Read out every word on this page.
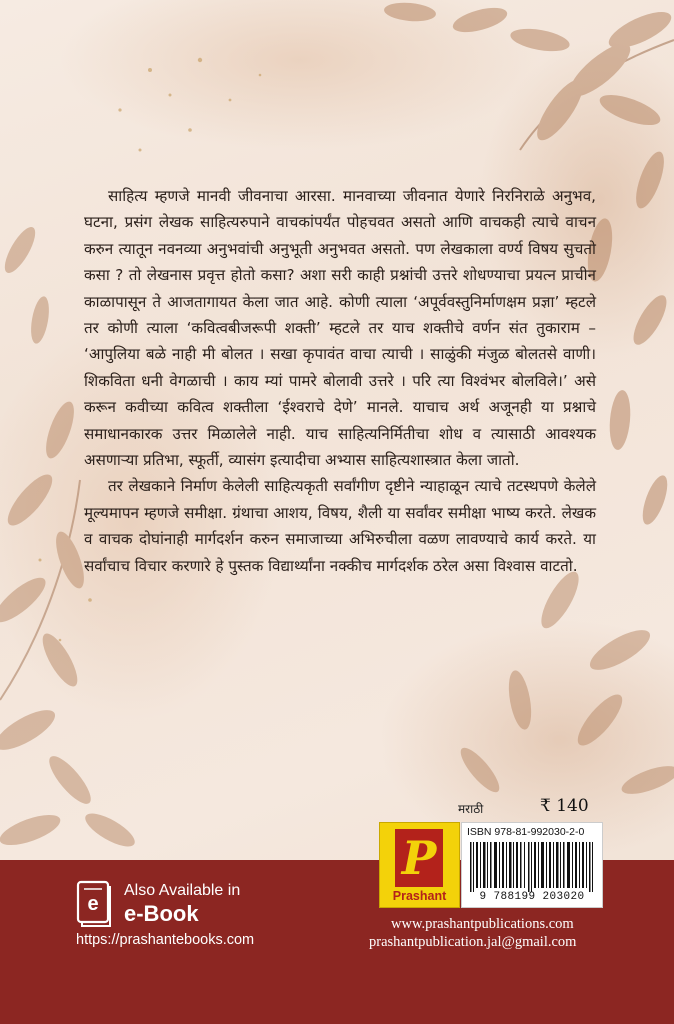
साहित्य म्हणजे मानवी जीवनाचा आरसा. मानवाच्या जीवनात येणारे निरनिराळे अनुभव, घटना, प्रसंग लेखक साहित्यरुपाने वाचकांपर्यंत पोहचवत असतो आणि वाचकही त्याचे वाचन करुन त्यातून नवनव्या अनुभवांची अनुभूती अनुभवत असतो. पण लेखकाला वर्ण्य विषय सुचतो कसा ? तो लेखनास प्रवृत्त होतो कसा? अशा सरी काही प्रश्नांची उत्तरे शोधण्याचा प्रयत्न प्राचीन काळापासून ते आजतागायत केला जात आहे. कोणी त्याला ‘अपूर्ववस्तुनिर्माणक्षम प्रज्ञा’ म्हटले तर कोणी त्याला ‘कवित्वबीजरूपी शक्ती’ म्हटले तर याच शक्तीचे वर्णन संत तुकाराम – ‘आपुलिया बळे नाही मी बोलत । सखा कृपावंत वाचा त्याची । साळुंकी मंजुळ बोलतसे वाणी। शिकविता धनी वेगळाची । काय म्यां पामरे बोलावी उत्तरे । परि त्या विश्वंभर बोलविले।’ असे करून कवीच्या कवित्व शक्तीला ‘ईश्वराचे देणे’ मानले. याचाच अर्थ अजूनही या प्रश्नाचे समाधानकारक उत्तर मिळालेले नाही. याच साहित्यनिर्मितीचा शोध व त्यासाठी आवश्यक असणाऱ्या प्रतिभा, स्फूर्ती, व्यासंग इत्यादीचा अभ्यास साहित्यशास्त्रात केला जातो.

तर लेखकाने निर्माण केलेली साहित्यकृती सर्वांगीण दृष्टीने न्याहाळून त्याचे तटस्थपणे केलेले मूल्यमापन म्हणजे समीक्षा. ग्रंथाचा आशय, विषय, शैली या सर्वांवर समीक्षा भाष्य करते. लेखक व वाचक दोघांनाही मार्गदर्शन करुन समाजाच्या अभिरुचीला वळण लावण्याचे कार्य करते. या सर्वांचाच विचार करणारे हे पुस्तक विद्यार्थ्यांना नक्कीच मार्गदर्शक ठरेल असा विश्वास वाटतो.

मराठी	₹ 140
P
Prashant
ISBN 978-81-992030-2-0
9 788199 203020
e
Also Available in
e-Book
https://prashantebooks.com
www.prashantpublications.com
prashantpublication.jal@gmail.com
